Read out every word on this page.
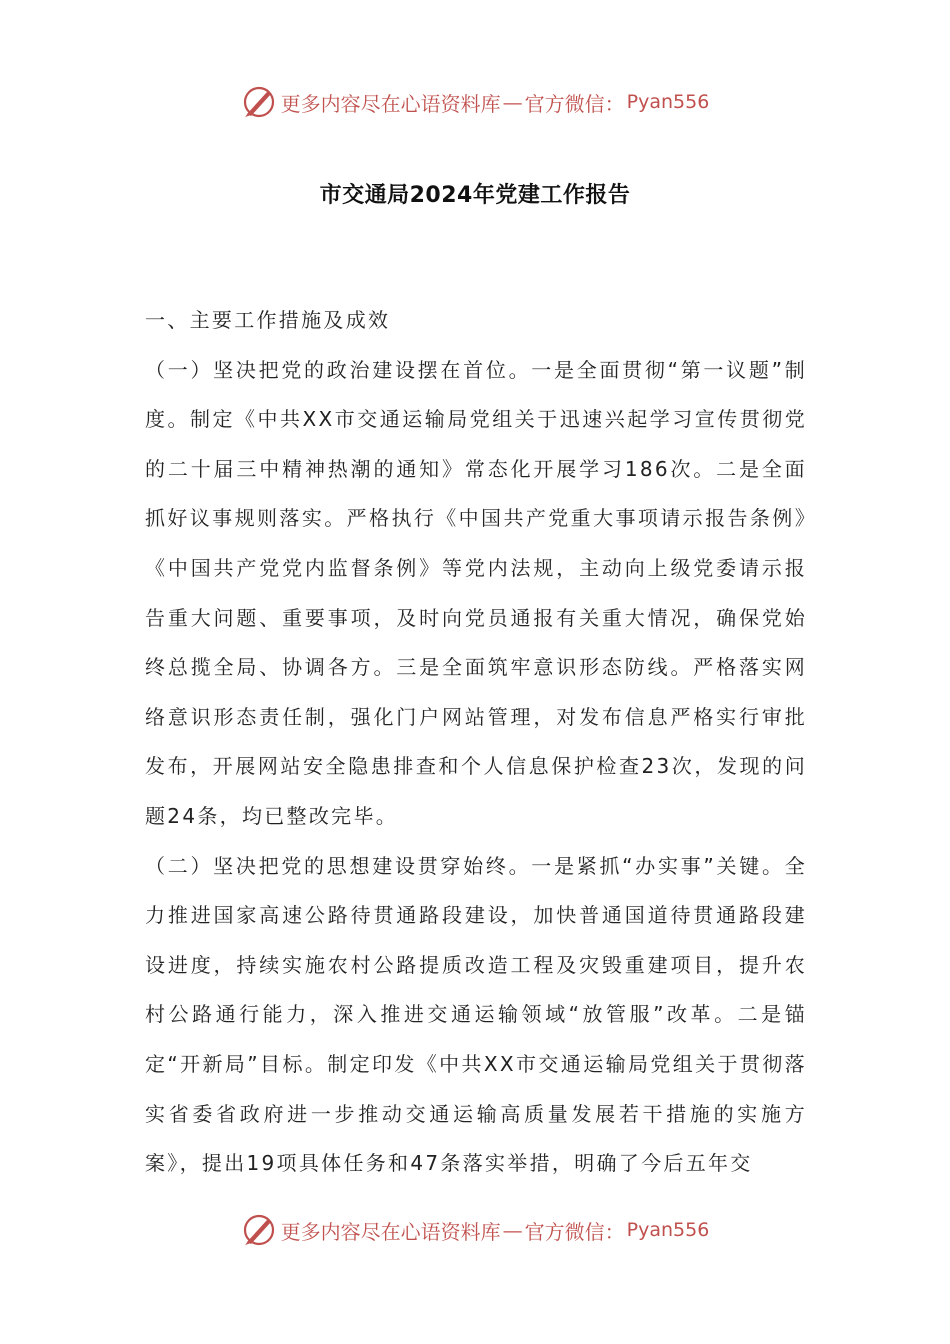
更多内容尽在心语资料库 — 官方微信： Pyan556
市交通局2024年党建工作报告

一、主要工作措施及成效

（一）坚决把党的政治建设摆在首位。一是全面贯彻“第一议题”制度。制定《中共XX市交通运输局党组关于迅速兴起学习宣传贯彻党的二十届三中精神热潮的通知》常态化开展学习186次。二是全面抓好议事规则落实。严格执行《中国共产党重大事项请示报告条例》《中国共产党党内监督条例》等党内法规，主动向上级党委请示报告重大问题、重要事项，及时向党员通报有关重大情况，确保党始终总揽全局、协调各方。三是全面筑牢意识形态防线。严格落实网络意识形态责任制，强化门户网站管理，对发布信息严格实行审批发布，开展网站安全隐患排查和个人信息保护检查23次，发现的问题24条，均已整改完毕。

（二）坚决把党的思想建设贯穿始终。一是紧抓“办实事”关键。全力推进国家高速公路待贯通路段建设，加快普通国道待贯通路段建设进度，持续实施农村公路提质改造工程及灾毁重建项目，提升农村公路通行能力，深入推进交通运输领域“放管服”改革。二是锚定“开新局”目标。制定印发《中共XX市交通运输局党组关于贯彻落实省委省政府进一步推动交通运输高质量发展若干措施的实施方案》，提出19项具体任务和47条落实举措，明确了今后五年交

更多内容尽在心语资料库 — 官方微信： Pyan556
